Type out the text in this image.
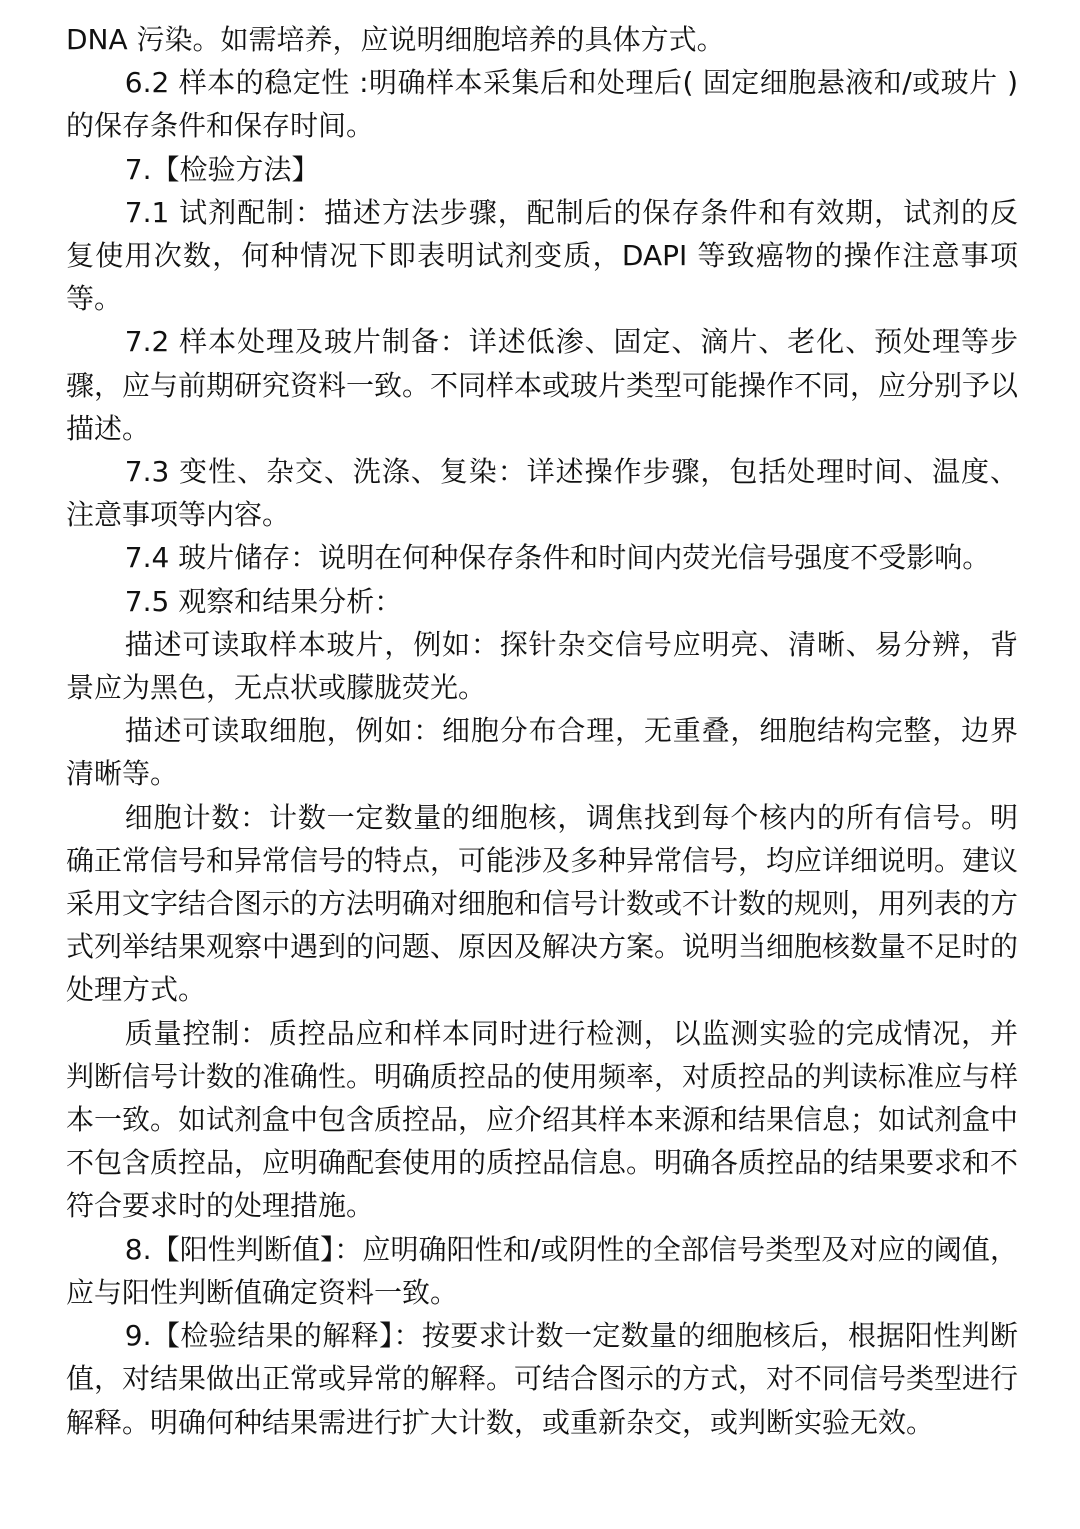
DNA 污染。如需培养，应说明细胞培养的具体方式。

6.2 样本的稳定性 :明确样本采集后和处理后( 固定细胞悬液和/或玻片 ) 的保存条件和保存时间。

7.【检验方法】

7.1 试剂配制：描述方法步骤，配制后的保存条件和有效期，试剂的反复使用次数，何种情况下即表明试剂变质，DAPI 等致癌物的操作注意事项等。

7.2 样本处理及玻片制备：详述低渗、固定、滴片、老化、预处理等步骤，应与前期研究资料一致。不同样本或玻片类型可能操作不同，应分别予以描述。

7.3 变性、杂交、洗涤、复染：详述操作步骤，包括处理时间、温度、注意事项等内容。

7.4 玻片储存：说明在何种保存条件和时间内荧光信号强度不受影响。

7.5 观察和结果分析：

描述可读取样本玻片，例如：探针杂交信号应明亮、清晰、易分辨，背景应为黑色，无点状或朦胧荧光。

描述可读取细胞，例如：细胞分布合理，无重叠，细胞结构完整，边界清晰等。

细胞计数：计数一定数量的细胞核，调焦找到每个核内的所有信号。明确正常信号和异常信号的特点，可能涉及多种异常信号，均应详细说明。建议采用文字结合图示的方法明确对细胞和信号计数或不计数的规则，用列表的方式列举结果观察中遇到的问题、原因及解决方案。说明当细胞核数量不足时的处理方式。

质量控制：质控品应和样本同时进行检测，以监测实验的完成情况，并判断信号计数的准确性。明确质控品的使用频率，对质控品的判读标准应与样本一致。如试剂盒中包含质控品，应介绍其样本来源和结果信息；如试剂盒中不包含质控品，应明确配套使用的质控品信息。明确各质控品的结果要求和不符合要求时的处理措施。

8.【阳性判断值】：应明确阳性和/或阴性的全部信号类型及对应的阈值，应与阳性判断值确定资料一致。

9.【检验结果的解释】：按要求计数一定数量的细胞核后，根据阳性判断值，对结果做出正常或异常的解释。可结合图示的方式，对不同信号类型进行解释。明确何种结果需进行扩大计数，或重新杂交，或判断实验无效。
